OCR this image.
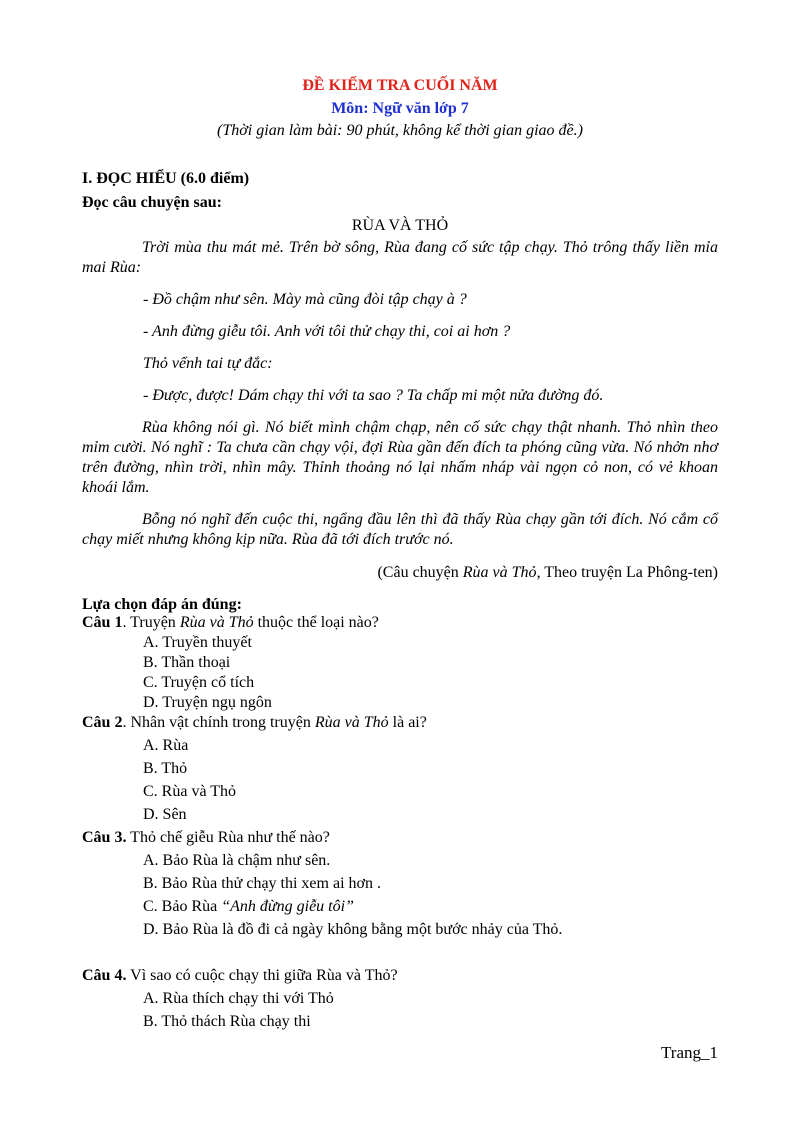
ĐỀ KIỂM TRA CUỐI NĂM
Môn: Ngữ văn lớp 7
(Thời gian làm bài: 90 phút, không kể thời gian giao đề.)
I. ĐỌC HIỂU (6.0 điểm)
Đọc câu chuyện sau:
RÙA VÀ THỎ
Trời mùa thu mát mẻ. Trên bờ sông, Rùa đang cố sức tập chạy. Thỏ trông thấy liền mỉa mai Rùa:
- Đồ chậm như sên. Mày mà cũng đòi tập chạy à ?
- Anh đừng giễu tôi. Anh với tôi thử chạy thi, coi ai hơn ?
Thỏ vểnh tai tự đắc:
- Được, được! Dám chạy thi với ta sao ? Ta chấp mi một nửa đường đó.
Rùa không nói gì. Nó biết mình chậm chạp, nên cố sức chạy thật nhanh. Thỏ nhìn theo mỉm cười. Nó nghĩ : Ta chưa cần chạy vội, đợi Rùa gần đến đích ta phóng cũng vừa. Nó nhởn nhơ trên đường, nhìn trời, nhìn mây. Thỉnh thoảng nó lại nhấm nháp vài ngọn cỏ non, có vẻ khoan khoái lắm.
Bỗng nó nghĩ đến cuộc thi, ngẩng đầu lên thì đã thấy Rùa chạy gần tới đích. Nó cắm cổ chạy miết nhưng không kịp nữa. Rùa đã tới đích trước nó.
(Câu chuyện Rùa và Thỏ, Theo truyện La Phông-ten)
Lựa chọn đáp án đúng:
Câu 1. Truyện Rùa và Thỏ thuộc thể loại nào?
A. Truyền thuyết
B. Thần thoại
C. Truyện cổ tích
D. Truyện ngụ ngôn
Câu 2. Nhân vật chính trong truyện Rùa và Thỏ là ai?
A. Rùa
B. Thỏ
C. Rùa và Thỏ
D. Sên
Câu 3. Thỏ chế giễu Rùa như thế nào?
A. Bảo Rùa là chậm như sên.
B. Bảo Rùa thử chạy thi xem ai hơn .
C. Bảo Rùa “Anh đừng giễu tôi”
D. Bảo Rùa là đồ đi cả ngày không bằng một bước nhảy của Thỏ.
Câu 4. Vì sao có cuộc chạy thi giữa Rùa và Thỏ?
A. Rùa thích chạy thi với Thỏ
B. Thỏ thách Rùa chạy thi
Trang_1
